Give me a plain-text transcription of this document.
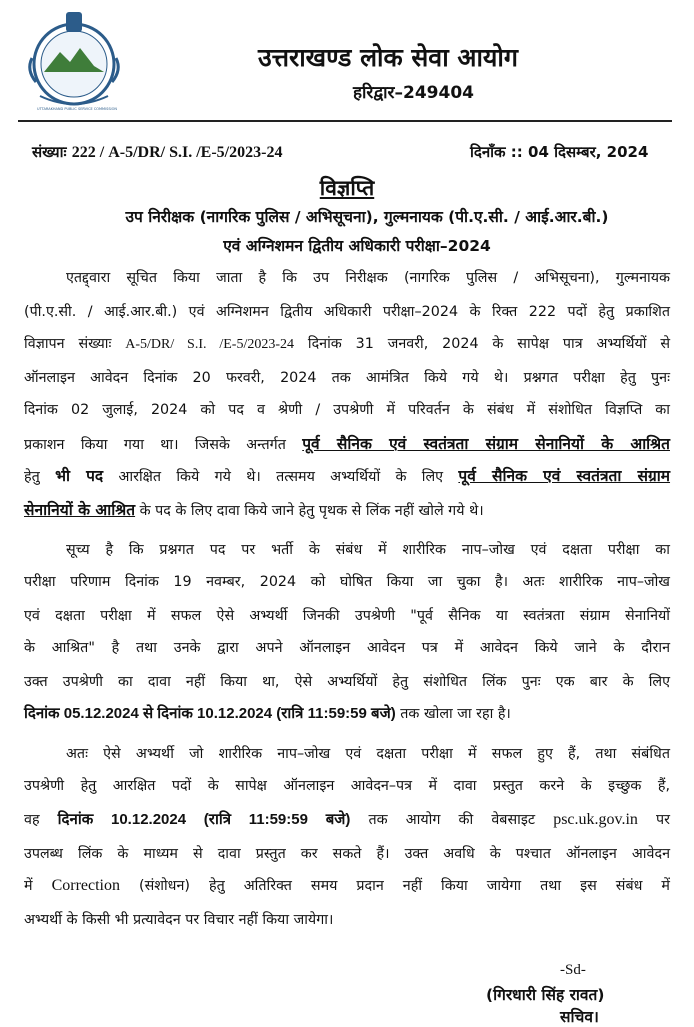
UTTARAKHAND PUBLIC SERVICE COMMISSION
उत्तराखण्ड लोक सेवा आयोग
हरिद्वार–249404
संख्याः 222 / A-5/DR/ S.I. /E-5/2023-24	दिनाँक :: 04 दिसम्बर, 2024
विज्ञप्ति
उप निरीक्षक (नागरिक पुलिस / अभिसूचना), गुल्मनायक (पी.ए.सी. / आई.आर.बी.)
एवं अग्निशमन द्वितीय अधिकारी परीक्षा–2024
एतद्द्वारा सूचित किया जाता है कि उप निरीक्षक (नागरिक पुलिस / अभिसूचना), गुल्मनायक
(पी.ए.सी. / आई.आर.बी.) एवं अग्निशमन द्वितीय अधिकारी परीक्षा–2024 के रिक्त 222 पदों हेतु प्रकाशित
विज्ञापन संख्याः A-5/DR/ S.I. /E-5/2023-24 दिनांक 31 जनवरी, 2024 के सापेक्ष पात्र अभ्यर्थियों से
ऑनलाइन आवेदन दिनांक 20 फरवरी, 2024 तक आमंत्रित किये गये थे। प्रश्नगत परीक्षा हेतु पुनः
दिनांक 02 जुलाई, 2024 को पद व श्रेणी / उपश्रेणी में परिवर्तन के संबंध में संशोधित विज्ञप्ति का
प्रकाशन किया गया था। जिसके अन्तर्गत पूर्व सैनिक एवं स्वतंत्रता संग्राम सेनानियों के आश्रित
हेतु भी पद आरक्षित किये गये थे। तत्समय अभ्यर्थियों के लिए पूर्व सैनिक एवं स्वतंत्रता संग्राम
सेनानियों के आश्रित के पद के लिए दावा किये जाने हेतु पृथक से लिंक नहीं खोले गये थे।
सूच्य है कि प्रश्नगत पद पर भर्ती के संबंध में शारीरिक नाप–जोख एवं दक्षता परीक्षा का
परीक्षा परिणाम दिनांक 19 नवम्बर, 2024 को घोषित किया जा चुका है। अतः शारीरिक नाप–जोख
एवं दक्षता परीक्षा में सफल ऐसे अभ्यर्थी जिनकी उपश्रेणी "पूर्व सैनिक या स्वतंत्रता संग्राम सेनानियों
के आश्रित" है तथा उनके द्वारा अपने ऑनलाइन आवेदन पत्र में आवेदन किये जाने के दौरान
उक्त उपश्रेणी का दावा नहीं किया था, ऐसे अभ्यर्थियों हेतु संशोधित लिंक पुनः एक बार के लिए
दिनांक 05.12.2024 से दिनांक 10.12.2024 (रात्रि 11:59:59 बजे) तक खोला जा रहा है।
अतः ऐसे अभ्यर्थी जो शारीरिक नाप–जोख एवं दक्षता परीक्षा में सफल हुए हैं, तथा संबंधित
उपश्रेणी हेतु आरक्षित पदों के सापेक्ष ऑनलाइन आवेदन–पत्र में दावा प्रस्तुत करने के इच्छुक हैं,
वह दिनांक 10.12.2024 (रात्रि 11:59:59 बजे) तक आयोग की वेबसाइट psc.uk.gov.in पर
उपलब्ध लिंक के माध्यम से दावा प्रस्तुत कर सकते हैं। उक्त अवधि के पश्चात ऑनलाइन आवेदन
में Correction (संशोधन) हेतु अतिरिक्त समय प्रदान नहीं किया जायेगा तथा इस संबंध में
अभ्यर्थी के किसी भी प्रत्यावेदन पर विचार नहीं किया जायेगा।
-Sd-
(गिरधारी सिंह रावत)
सचिव।
